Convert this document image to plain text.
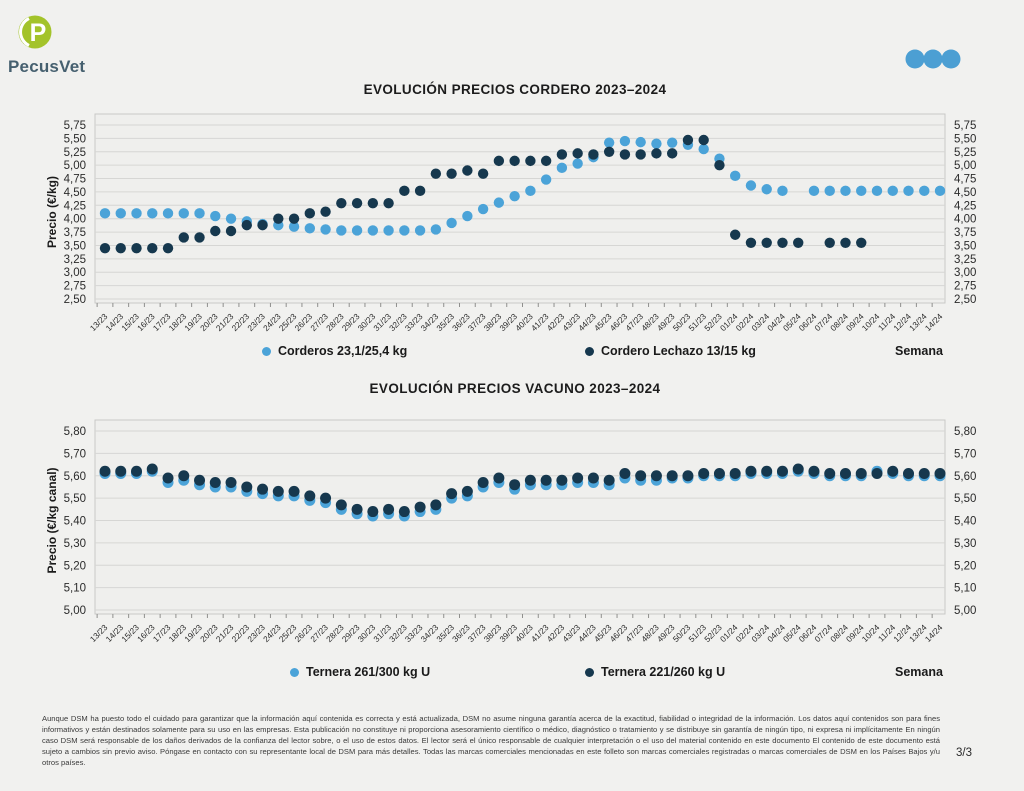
P
PecusVet
EVOLUCIÓN PRECIOS CORDERO 2023–2024
5,75	5,75
5,50	5,50
5,25	5,25
5,00	5,00
4,75	4,75
4,50	4,50
4,25	4,25
4,00	4,00
3,75	3,75
3,50	3,50
3,25	3,25
3,00	3,00
2,75	2,75
2,50	2,50
13/23
14/23
15/23
16/23
17/23
18/23
19/23
20/23
21/23
22/23
23/23
24/23
25/23
26/23
27/23
28/23
29/23
30/23
31/23
32/23
33/23
34/23
35/23
36/23
37/23
38/23
39/23
40/23
41/23
42/23
43/23
44/23
45/23
46/23
47/23
48/23
49/23
50/23
51/23
52/23
01/24
02/24
03/24
04/24
05/24
06/24
07/24
08/24
09/24
10/24
11/24
12/24
13/24
14/24
Precio (€/kg)
Corderos 23,1/25,4 kg	Cordero Lechazo 13/15 kg	Semana
EVOLUCIÓN PRECIOS VACUNO 2023–2024
5,80	5,80
5,70	5,70
5,60	5,60
5,50	5,50
5,40	5,40
5,30	5,30
5,20	5,20
5,10	5,10
5,00	5,00
13/23
14/23
15/23
16/23
17/23
18/23
19/23
20/23
21/23
22/23
23/23
24/23
25/23
26/23
27/23
28/23
29/23
30/23
31/23
32/23
33/23
34/23
35/23
36/23
37/23
38/23
39/23
40/23
41/23
42/23
43/23
44/23
45/23
46/23
47/23
48/23
49/23
50/23
51/23
52/23
01/24
02/24
03/24
04/24
05/24
06/24
07/24
08/24
09/24
10/24
11/24
12/24
13/24
14/24
Precio (€/kg canal)
Ternera 261/300 kg U	Ternera 221/260 kg U	Semana
Aunque DSM ha puesto todo el cuidado para garantizar que la información aquí contenida es correcta y está actualizada, DSM no asume ninguna garantía acerca de la exactitud, fiabilidad o integridad de la información. Los datos aquí contenidos son para fines informativos y están destinados solamente para su uso en las empresas. Esta publicación no constituye ni proporciona asesoramiento científico o médico, diagnóstico o tratamiento y se distribuye sin garantía de ningún tipo, ni expresa ni implícitamente En ningún caso DSM será responsable de los daños derivados de la confianza del lector sobre, o el uso de estos datos. El lector será el único responsable de cualquier interpretación o el uso del material contenido en este documento El contenido de este documento está sujeto a cambios sin previo aviso. Póngase en contacto con su representante local de DSM para más detalles. Todas las marcas comerciales mencionadas en este folleto son marcas comerciales registradas o marcas comerciales de DSM en los Países Bajos y/u otros países.
3/3
